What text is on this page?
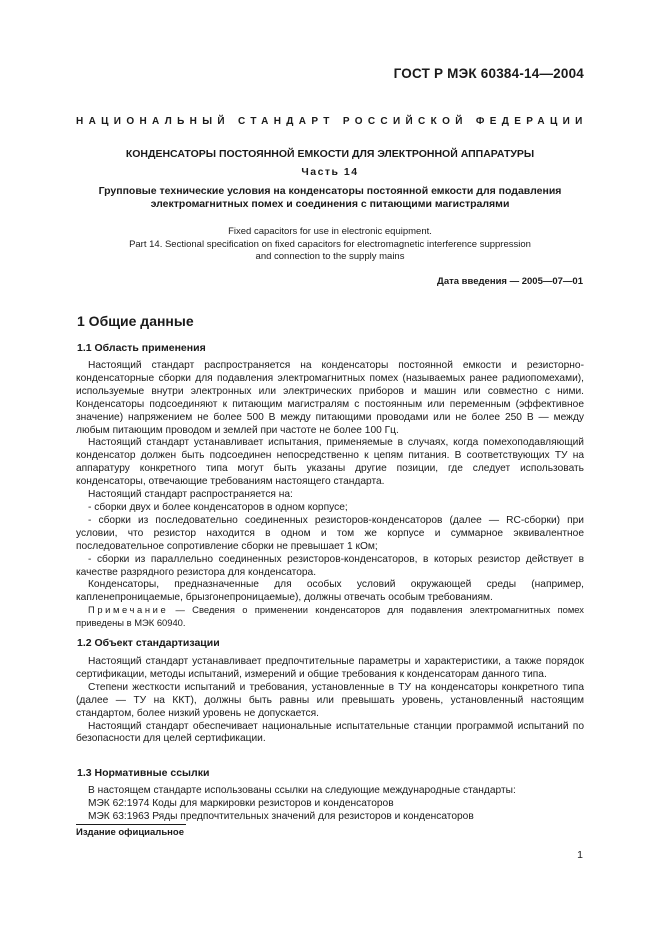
ГОСТ Р МЭК 60384-14—2004
НАЦИОНАЛЬНЫЙ СТАНДАРТ РОССИЙСКОЙ ФЕДЕРАЦИИ
КОНДЕНСАТОРЫ ПОСТОЯННОЙ ЕМКОСТИ ДЛЯ ЭЛЕКТРОННОЙ АППАРАТУРЫ
Часть 14
Групповые технические условия на конденсаторы постоянной емкости для подавления
электромагнитных помех и соединения с питающими магистралями
Fixed capacitors for use in electronic equipment.
Part 14. Sectional specification on fixed capacitors for electromagnetic interference suppression
and connection to the supply mains
Дата введения — 2005—07—01
1 Общие данные
1.1 Область применения

Настоящий стандарт распространяется на конденсаторы постоянной емкости и резисторно-конденсаторные сборки для подавления электромагнитных помех (называемых ранее радиопомехами), используемые внутри электронных или электрических приборов и машин или совместно с ними. Конденсаторы подсоединяют к питающим магистралям с постоянным или переменным (эффективное значение) напряжением не более 500 В между питающими проводами или не более 250 В — между любым питающим проводом и землей при частоте не более 100 Гц.

Настоящий стандарт устанавливает испытания, применяемые в случаях, когда помехоподавляющий конденсатор должен быть подсоединен непосредственно к цепям питания. В соответствующих ТУ на аппаратуру конкретного типа могут быть указаны другие позиции, где следует использовать конденсаторы, отвечающие требованиям настоящего стандарта.

Настоящий стандарт распространяется на:

- сборки двух и более конденсаторов в одном корпусе;

- сборки из последовательно соединенных резисторов-конденсаторов (далее — RC-сборки) при условии, что резистор находится в одном и том же корпусе и суммарное эквивалентное последовательное сопротивление сборки не превышает 1 кОм;

- сборки из параллельно соединенных резисторов-конденсаторов, в которых резистор действует в качестве разрядного резистора для конденсатора.

Конденсаторы, предназначенные для особых условий окружающей среды (например, капленепроницаемые, брызгонепроницаемые), должны отвечать особым требованиям.

Примечание — Сведения о применении конденсаторов для подавления электромагнитных помех приведены в МЭК 60940.
1.2 Объект стандартизации

Настоящий стандарт устанавливает предпочтительные параметры и характеристики, а также порядок сертификации, методы испытаний, измерений и общие требования к конденсаторам данного типа.

Степени жесткости испытаний и требования, установленные в ТУ на конденсаторы конкретного типа (далее — ТУ на ККТ), должны быть равны или превышать уровень, установленный настоящим стандартом, более низкий уровень не допускается.

Настоящий стандарт обеспечивает национальные испытательные станции программой испытаний по безопасности для целей сертификации.

1.3 Нормативные ссылки

В настоящем стандарте использованы ссылки на следующие международные стандарты:

МЭК 62:1974 Коды для маркировки резисторов и конденсаторов

МЭК 63:1963 Ряды предпочтительных значений для резисторов и конденсаторов

Издание официальное
1
